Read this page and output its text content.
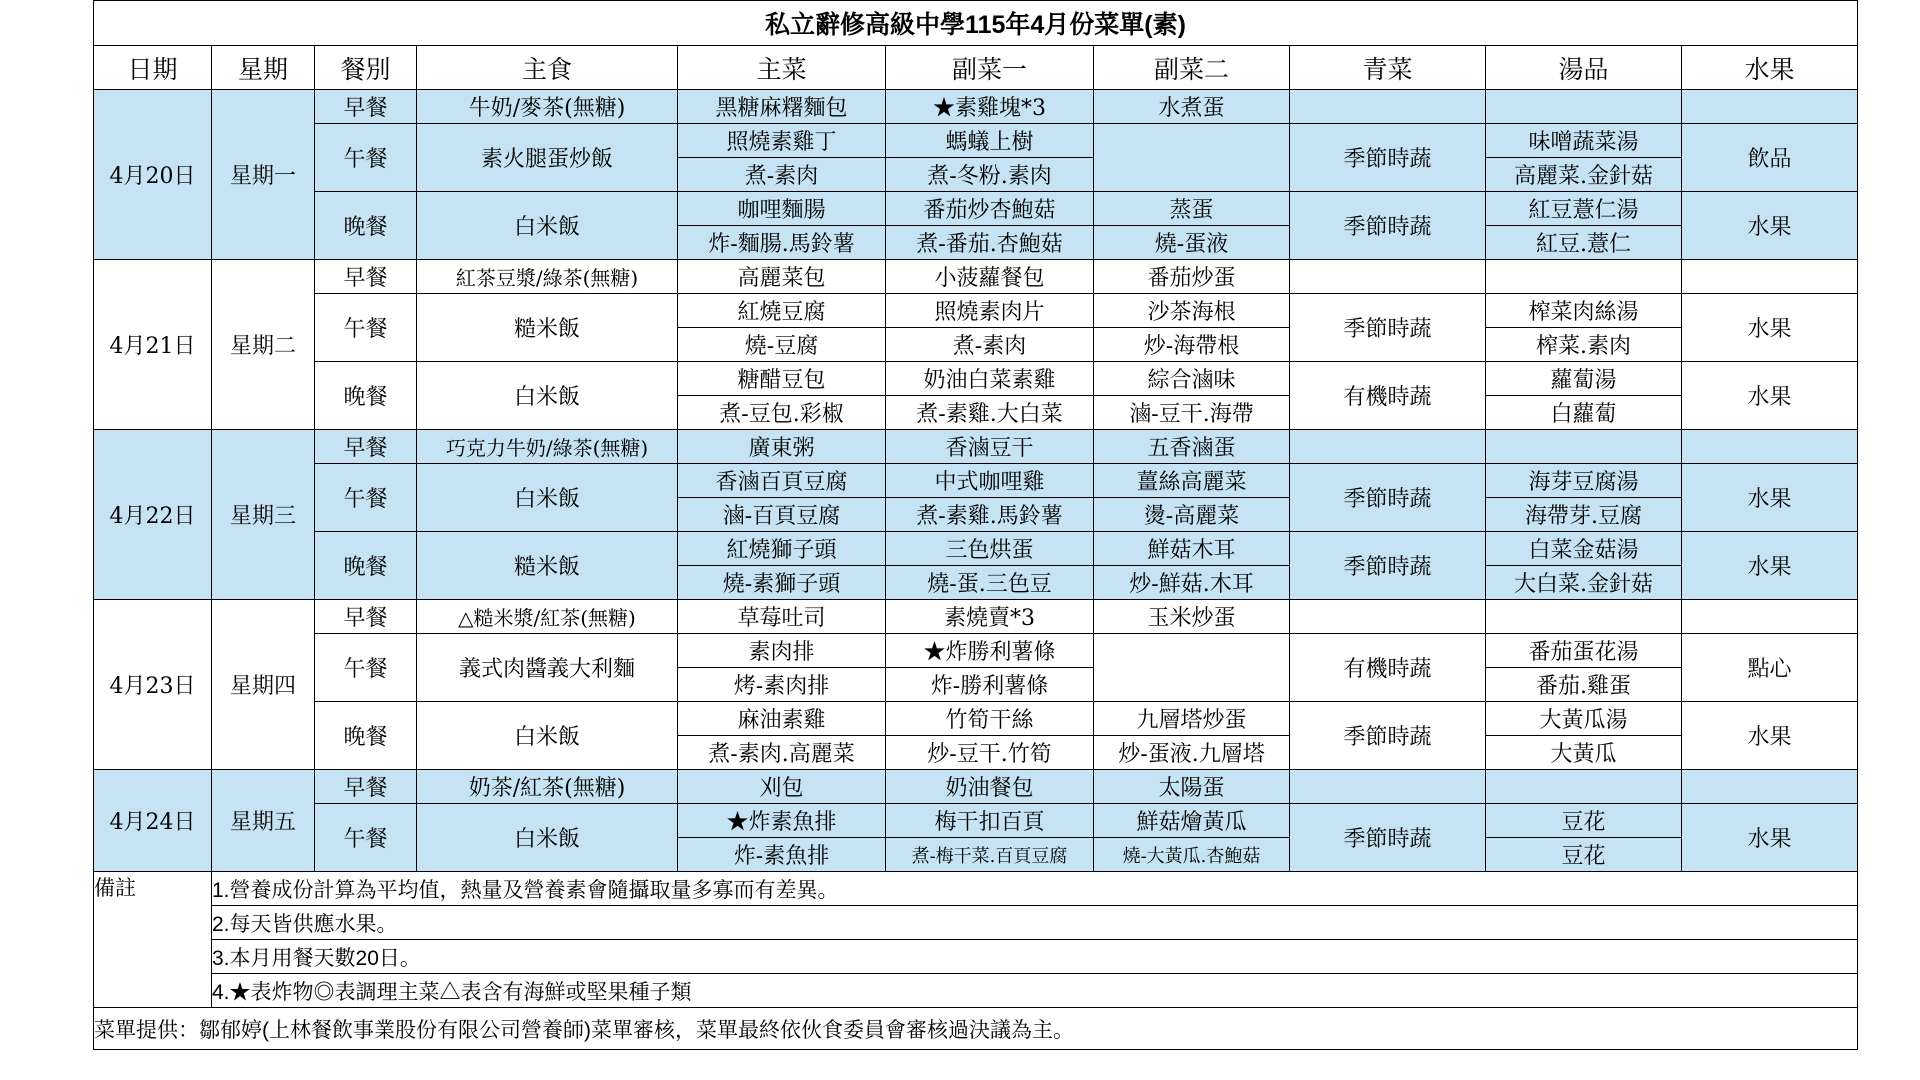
私立辭修高級中學115年4月份菜單(素)									
日期	星期	餐別	主食	主菜	副菜一	副菜二	青菜	湯品	水果
4月20日	星期一	早餐	牛奶/麥茶(無糖)	黑糖麻糬麵包	★素雞塊*3	水煮蛋			
		午餐	素火腿蛋炒飯	照燒素雞丁	螞蟻上樹		季節時蔬	味噌蔬菜湯	飲品
				煮-素肉	煮-冬粉.素肉			高麗菜.金針菇	
		晚餐	白米飯	咖哩麵腸	番茄炒杏鮑菇	蒸蛋	季節時蔬	紅豆薏仁湯	水果
				炸-麵腸.馬鈴薯	煮-番茄.杏鮑菇	燒-蛋液		紅豆.薏仁	
4月21日	星期二	早餐	紅茶豆漿/綠茶(無糖)	高麗菜包	小菠蘿餐包	番茄炒蛋			
		午餐	糙米飯	紅燒豆腐	照燒素肉片	沙茶海根	季節時蔬	榨菜肉絲湯	水果
				燒-豆腐	煮-素肉	炒-海帶根		榨菜.素肉	
		晚餐	白米飯	糖醋豆包	奶油白菜素雞	綜合滷味	有機時蔬	蘿蔔湯	水果
				煮-豆包.彩椒	煮-素雞.大白菜	滷-豆干.海帶		白蘿蔔	
4月22日	星期三	早餐	巧克力牛奶/綠茶(無糖)	廣東粥	香滷豆干	五香滷蛋			
		午餐	白米飯	香滷百頁豆腐	中式咖哩雞	薑絲高麗菜	季節時蔬	海芽豆腐湯	水果
				滷-百頁豆腐	煮-素雞.馬鈴薯	燙-高麗菜		海帶芽.豆腐	
		晚餐	糙米飯	紅燒獅子頭	三色烘蛋	鮮菇木耳	季節時蔬	白菜金菇湯	水果
				燒-素獅子頭	燒-蛋.三色豆	炒-鮮菇.木耳		大白菜.金針菇	
4月23日	星期四	早餐	△糙米漿/紅茶(無糖)	草莓吐司	素燒賣*3	玉米炒蛋			
		午餐	義式肉醬義大利麵	素肉排	★炸勝利薯條		有機時蔬	番茄蛋花湯	點心
				烤-素肉排	炸-勝利薯條			番茄.雞蛋	
		晚餐	白米飯	麻油素雞	竹筍干絲	九層塔炒蛋	季節時蔬	大黃瓜湯	水果
				煮-素肉.高麗菜	炒-豆干.竹筍	炒-蛋液.九層塔		大黃瓜	
4月24日	星期五	早餐	奶茶/紅茶(無糖)	刈包	奶油餐包	太陽蛋			
		午餐	白米飯	★炸素魚排	梅干扣百頁	鮮菇燴黃瓜	季節時蔬	豆花	水果
				炸-素魚排	煮-梅干菜.百頁豆腐	燒-大黃瓜.杏鮑菇		豆花	
備註	1.營養成份計算為平均值，熱量及營養素會隨攝取量多寡而有差異。								
	2.每天皆供應水果。								
	3.本月用餐天數20日。								
	4.★表炸物◎表調理主菜△表含有海鮮或堅果種子類								
菜單提供：鄒郁婷(上林餐飲事業股份有限公司營養師)菜單審核，菜單最終依伙食委員會審核過決議為主。									
